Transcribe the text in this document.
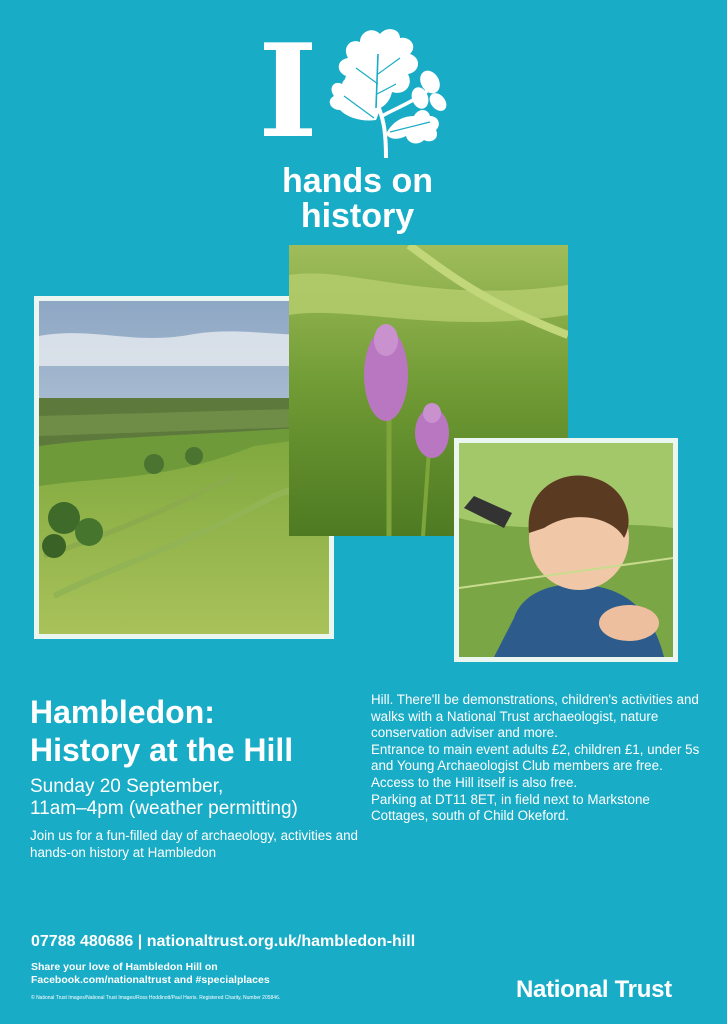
I
hands on
history
Hambledon:
History at the Hill
Sunday 20 September,
11am–4pm (weather permitting)
Join us for a fun-filled day of archaeology, activities and hands-on history at Hambledon

Hill. There'll be demonstrations, children's activities and walks with a National Trust archaeologist, nature conservation adviser and more.

Entrance to main event adults £2, children £1, under 5s and Young Archaeologist Club members are free. Access to the Hill itself is also free.

Parking at DT11 8ET, in field next to Markstone Cottages, south of Child Okeford.

07788 480686 | nationaltrust.org.uk/hambledon-hill
Share your love of Hambledon Hill on
Facebook.com/nationaltrust and #specialplaces
© National Trust Images/National Trust Images/Ross Hoddinott/Paul Harris. Registered Charity, Number 205846.	National Trust
